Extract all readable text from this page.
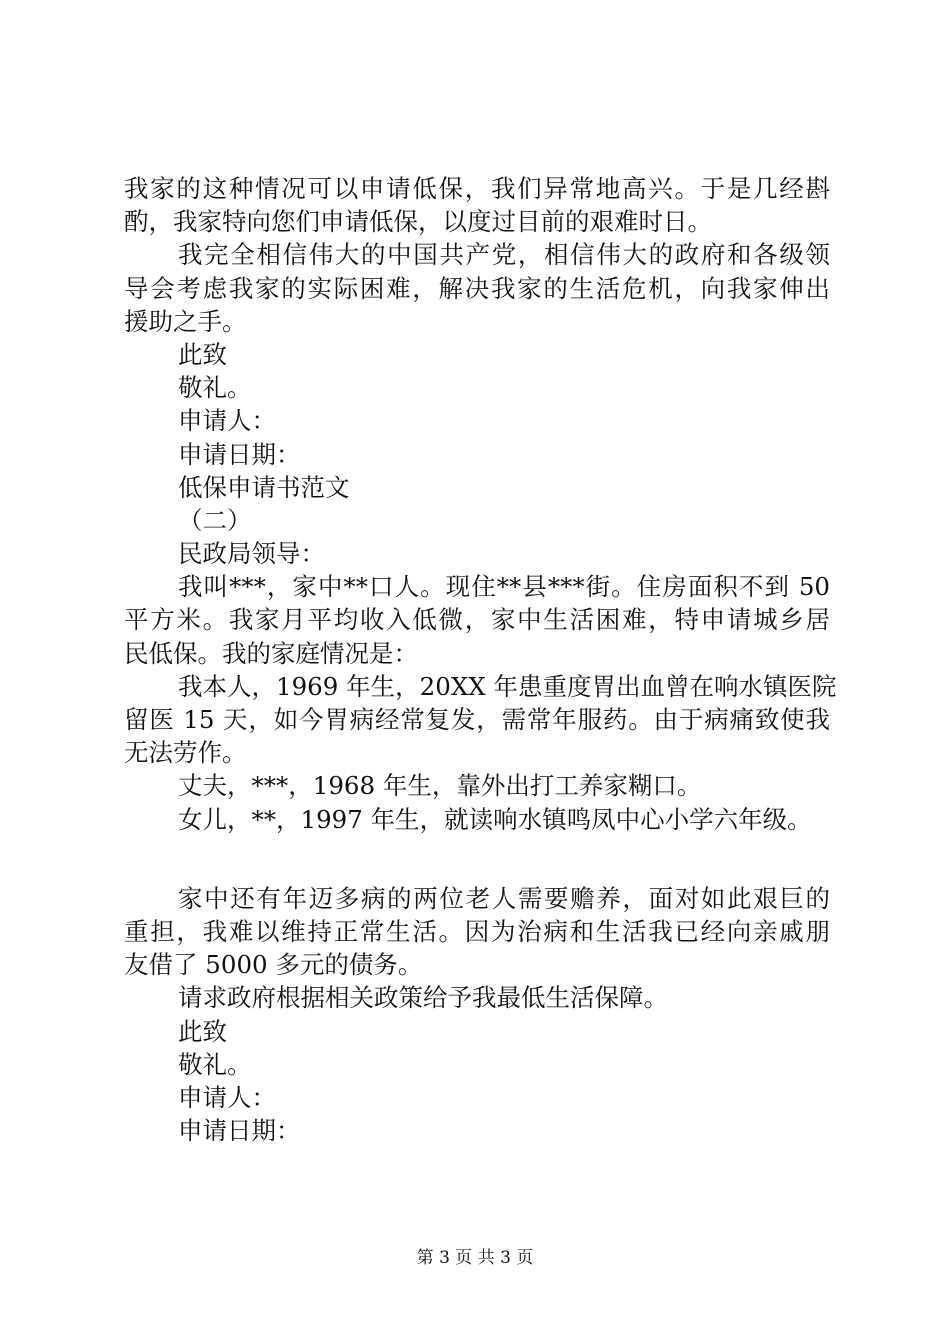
我家的这种情况可以申请低保，我们异常地高兴。于是几经斟
酌，我家特向您们申请低保，以度过目前的艰难时日。
我完全相信伟大的中国共产党，相信伟大的政府和各级领
导会考虑我家的实际困难，解决我家的生活危机，向我家伸出
援助之手。
此致
敬礼。
申请人：
申请日期：
低保申请书范文
（二）
民政局领导：
我叫***，家中**口人。现住**县***街。住房面积不到 50
平方米。我家月平均收入低微，家中生活困难，特申请城乡居
民低保。我的家庭情况是：
我本人，1969 年生，20XX 年患重度胃出血曾在响水镇医院
留医 15 天，如今胃病经常复发，需常年服药。由于病痛致使我
无法劳作。
丈夫，***，1968 年生，靠外出打工养家糊口。
女儿，**，1997 年生，就读响水镇鸣凤中心小学六年级。
家中还有年迈多病的两位老人需要赡养，面对如此艰巨的
重担，我难以维持正常生活。因为治病和生活我已经向亲戚朋
友借了 5000 多元的债务。
请求政府根据相关政策给予我最低生活保障。
此致
敬礼。
申请人：
申请日期：
第 3 页 共 3 页
